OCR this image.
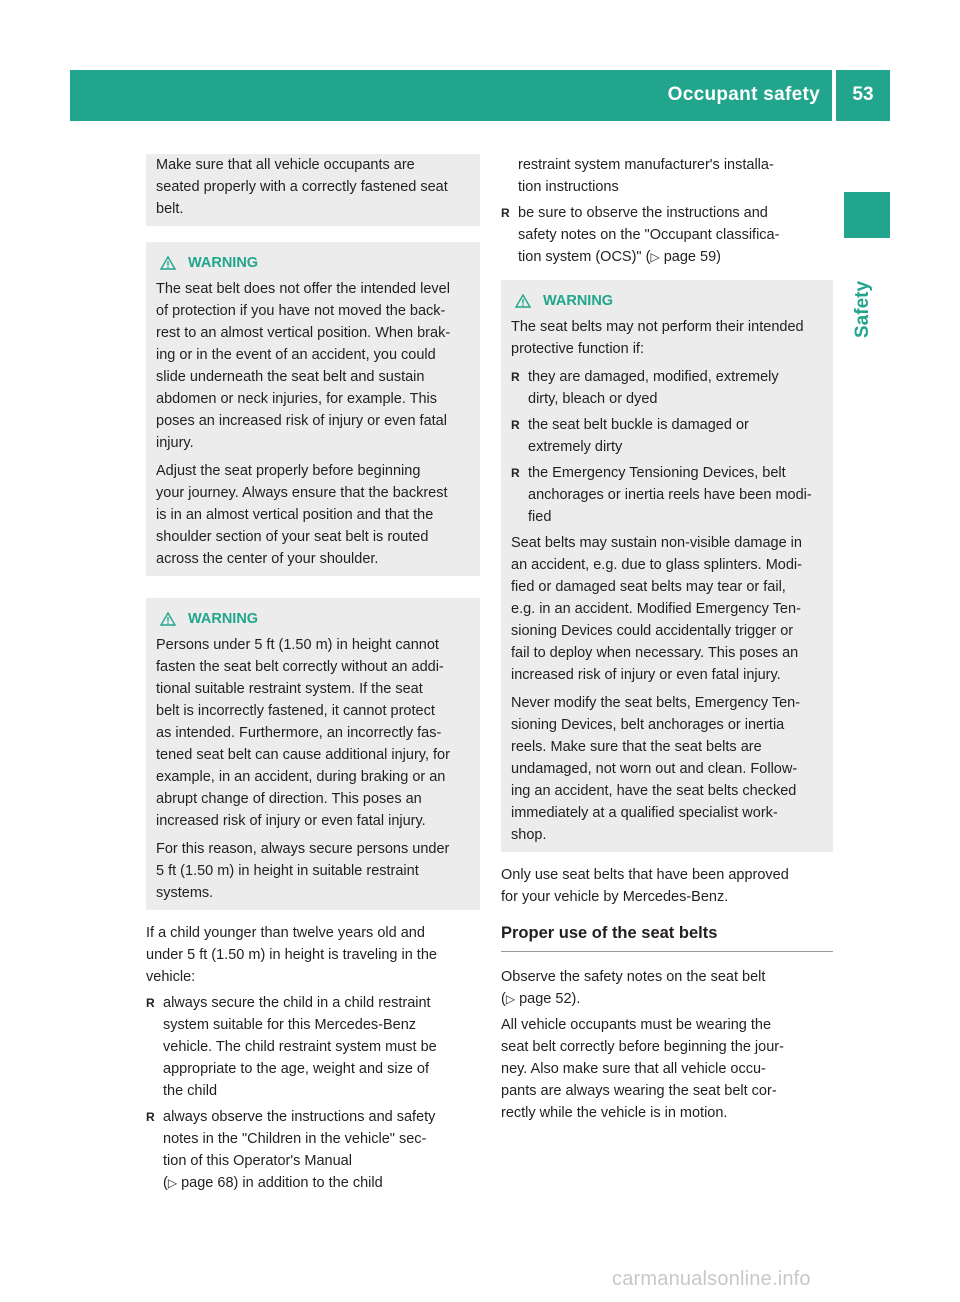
Occupant safety	53
Safety
Make sure that all vehicle occupants are
seated properly with a correctly fastened seat
belt.
WARNING

The seat belt does not offer the intended level
of protection if you have not moved the back-
rest to an almost vertical position. When brak-
ing or in the event of an accident, you could
slide underneath the seat belt and sustain
abdomen or neck injuries, for example. This
poses an increased risk of injury or even fatal
injury.

Adjust the seat properly before beginning
your journey. Always ensure that the backrest
is in an almost vertical position and that the
shoulder section of your seat belt is routed
across the center of your shoulder.

WARNING

Persons under 5 ft (1.50 m) in height cannot
fasten the seat belt correctly without an addi-
tional suitable restraint system. If the seat
belt is incorrectly fastened, it cannot protect
as intended. Furthermore, an incorrectly fas-
tened seat belt can cause additional injury, for
example, in an accident, during braking or an
abrupt change of direction. This poses an
increased risk of injury or even fatal injury.

For this reason, always secure persons under
5 ft (1.50 m) in height in suitable restraint
systems.

If a child younger than twelve years old and
under 5 ft (1.50 m) in height is traveling in the
vehicle:

R always secure the child in a child restraint
system suitable for this Mercedes-Benz
vehicle. The child restraint system must be
appropriate to the age, weight and size of
the child
R always observe the instructions and safety
notes in the "Children in the vehicle" sec-
tion of this Operator's Manual
(▷ page 68) in addition to the child
restraint system manufacturer's installa-
tion instructions
R be sure to observe the instructions and
safety notes on the "Occupant classifica-
tion system (OCS)" (▷ page 59)
WARNING

The seat belts may not perform their intended
protective function if:

R they are damaged, modified, extremely
dirty, bleach or dyed
R the seat belt buckle is damaged or
extremely dirty
R the Emergency Tensioning Devices, belt
anchorages or inertia reels have been modi-
fied

Seat belts may sustain non-visible damage in
an accident, e.g. due to glass splinters. Modi-
fied or damaged seat belts may tear or fail,
e.g. in an accident. Modified Emergency Ten-
sioning Devices could accidentally trigger or
fail to deploy when necessary. This poses an
increased risk of injury or even fatal injury.

Never modify the seat belts, Emergency Ten-
sioning Devices, belt anchorages or inertia
reels. Make sure that the seat belts are
undamaged, not worn out and clean. Follow-
ing an accident, have the seat belts checked
immediately at a qualified specialist work-
shop.

Only use seat belts that have been approved
for your vehicle by Mercedes-Benz.

Proper use of the seat belts

Observe the safety notes on the seat belt
(▷ page 52).

All vehicle occupants must be wearing the
seat belt correctly before beginning the jour-
ney. Also make sure that all vehicle occu-
pants are always wearing the seat belt cor-
rectly while the vehicle is in motion.

carmanualsonline.info
